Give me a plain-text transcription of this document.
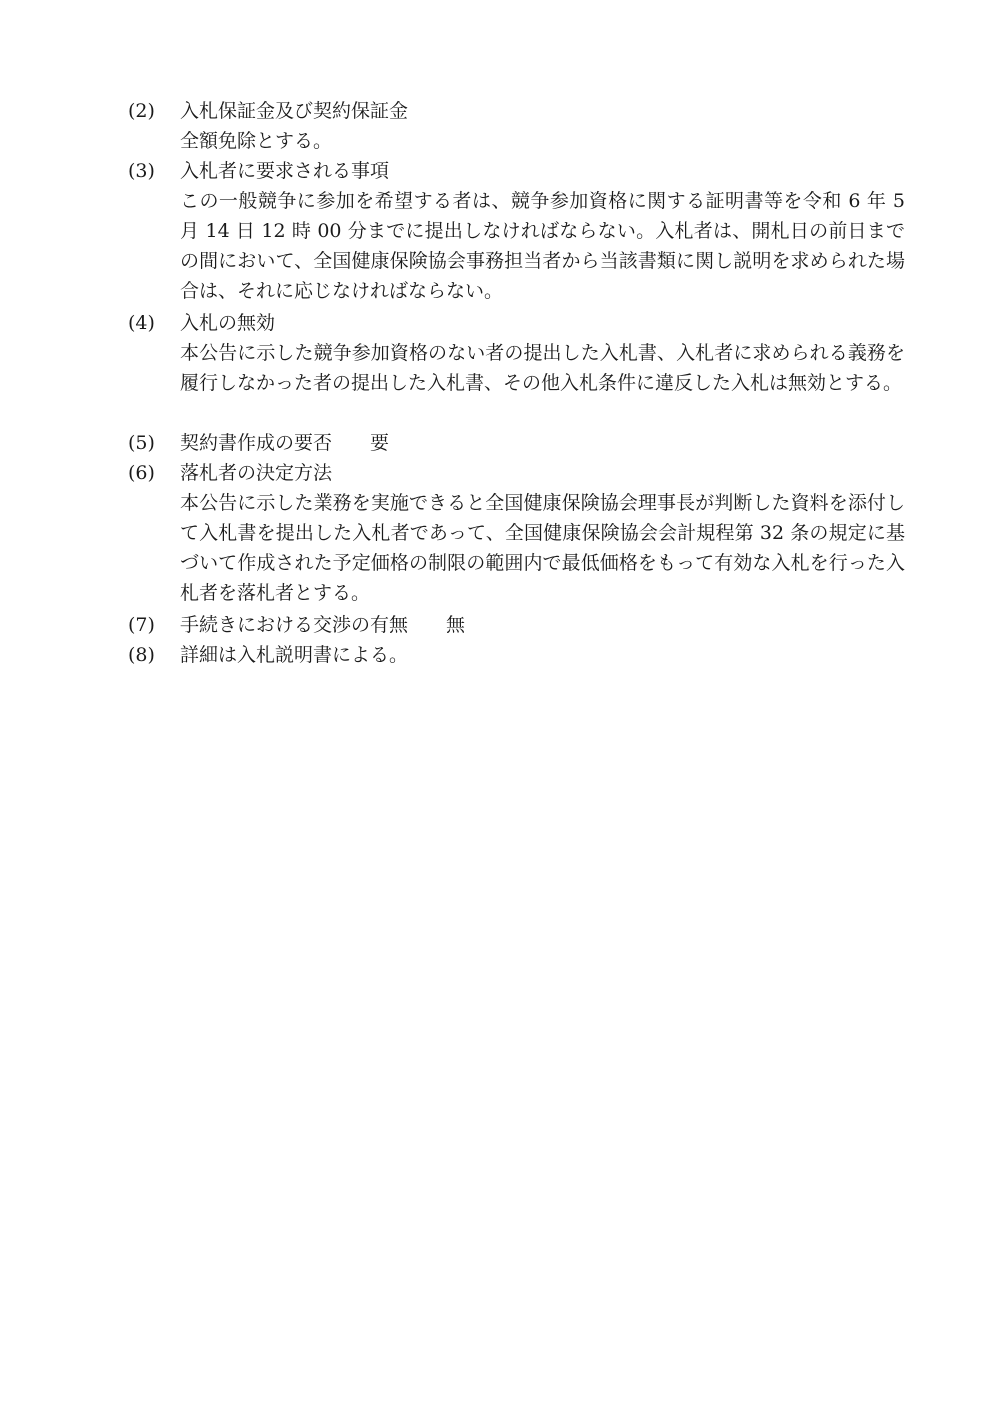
(2) 入札保証金及び契約保証金
全額免除とする。
(3) 入札者に要求される事項
この一般競争に参加を希望する者は、競争参加資格に関する証明書等を令和 6 年 5 月 14 日 12 時 00 分までに提出しなければならない。入札者は、開札日の前日までの間において、全国健康保険協会事務担当者から当該書類に関し説明を求められた場合は、それに応じなければならない。
(4) 入札の無効
本公告に示した競争参加資格のない者の提出した入札書、入札者に求められる義務を履行しなかった者の提出した入札書、その他入札条件に違反した入札は無効とする。
(5) 契約書作成の要否 要
(6) 落札者の決定方法
本公告に示した業務を実施できると全国健康保険協会理事長が判断した資料を添付して入札書を提出した入札者であって、全国健康保険協会会計規程第 32 条の規定に基づいて作成された予定価格の制限の範囲内で最低価格をもって有効な入札を行った入札者を落札者とする。
(7) 手続きにおける交渉の有無 無
(8) 詳細は入札説明書による。
